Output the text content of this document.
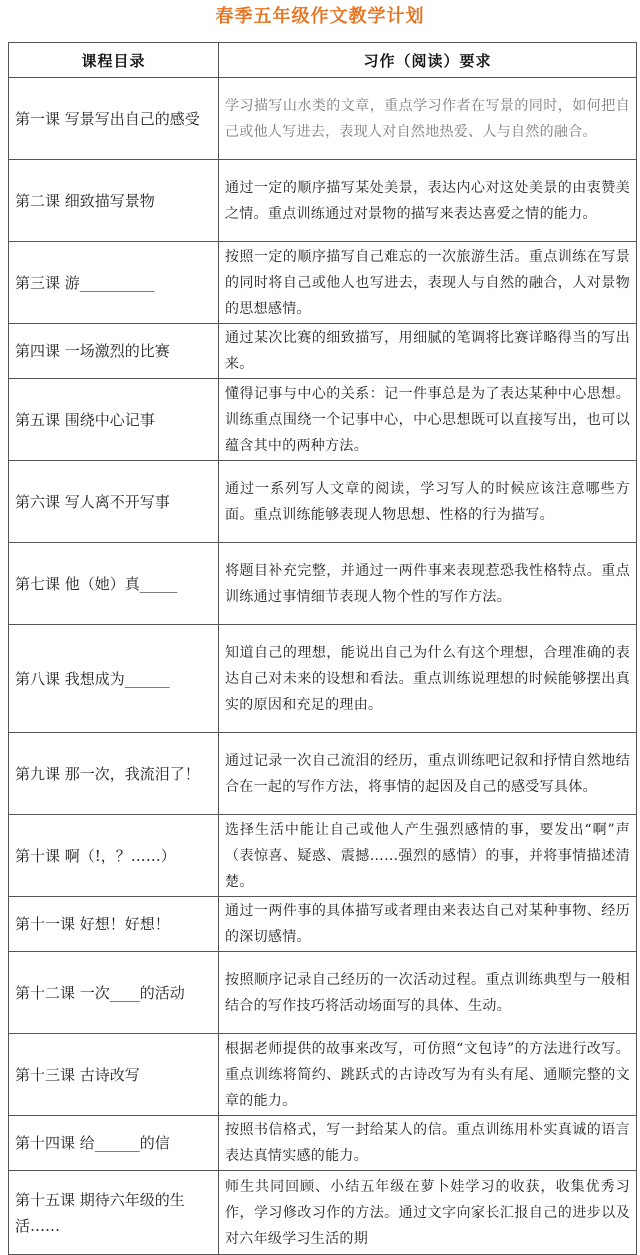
春季五年级作文教学计划
课程目录	习作（阅读）要求
第一课 写景写出自己的感受	学习描写山水类的文章，重点学习作者在写景的同时，如何把自己或他人写进去，表现人对自然地热爱、人与自然的融合。
第二课 细致描写景物	通过一定的顺序描写某处美景，表达内心对这处美景的由衷赞美之情。重点训练通过对景物的描写来表达喜爱之情的能力。
第三课 游__________	按照一定的顺序描写自己难忘的一次旅游生活。重点训练在写景的同时将自己或他人也写进去，表现人与自然的融合，人对景物的思想感情。
第四课 一场激烈的比赛	通过某次比赛的细致描写，用细腻的笔调将比赛详略得当的写出来。
第五课 围绕中心记事	懂得记事与中心的关系：记一件事总是为了表达某种中心思想。训练重点围绕一个记事中心，中心思想既可以直接写出，也可以蕴含其中的两种方法。
第六课 写人离不开写事	通过一系列写人文章的阅读，学习写人的时候应该注意哪些方面。重点训练能够表现人物思想、性格的行为描写。
第七课 他（她）真_____	将题目补充完整，并通过一两件事来表现惹恐我性格特点。重点训练通过事情细节表现人物个性的写作方法。
第八课 我想成为______	知道自己的理想，能说出自己为什么有这个理想，合理准确的表达自己对未来的设想和看法。重点训练说理想的时候能够摆出真实的原因和充足的理由。
第九课 那一次，我流泪了！	通过记录一次自己流泪的经历，重点训练吧记叙和抒情自然地结合在一起的写作方法，将事情的起因及自己的感受写具体。
第十课 啊（!，？……）	选择生活中能让自己或他人产生强烈感情的事，要发出“啊”声（表惊喜、疑惑、震撼……强烈的感情）的事，并将事情描述清楚。
第十一课 好想！好想！	通过一两件事的具体描写或者理由来表达自己对某种事物、经历的深切感情。
第十二课 一次____的活动	按照顺序记录自己经历的一次活动过程。重点训练典型与一般相结合的写作技巧将活动场面写的具体、生动。
第十三课 古诗改写	根据老师提供的故事来改写，可仿照“文包诗”的方法进行改写。重点训练将简约、跳跃式的古诗改写为有头有尾、通顺完整的文章的能力。
第十四课 给______的信	按照书信格式，写一封给某人的信。重点训练用朴实真诚的语言表达真情实感的能力。
第十五课 期待六年级的生活……	师生共同回顾、小结五年级在萝卜娃学习的收获，收集优秀习作，学习修改习作的方法。通过文字向家长汇报自己的进步以及对六年级学习生活的期
